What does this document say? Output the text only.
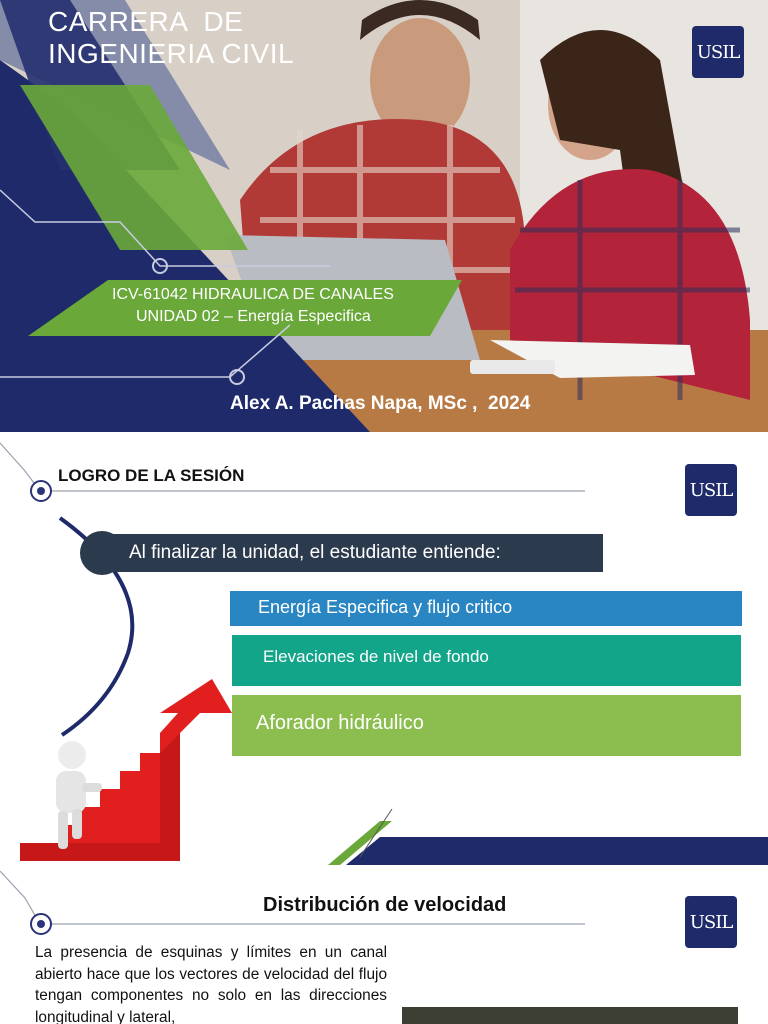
CARRERA  DE
INGENIERIA CIVIL
ICV-61042 HIDRAULICA DE CANALES
UNIDAD 02 – Energía Especifica
Alex A. Pachas Napa, MSc ,  2024
USIL
LOGRO DE LA SESIÓN
Al finalizar la unidad, el estudiante entiende:
Energía Especifica y flujo critico
Elevaciones de nivel de fondo
Aforador hidráulico
USIL
Distribución de velocidad
La presencia de esquinas y límites en un canal abierto hace que los vectores de velocidad del flujo tengan componentes no solo en las direcciones longitudinal y lateral,
USIL
